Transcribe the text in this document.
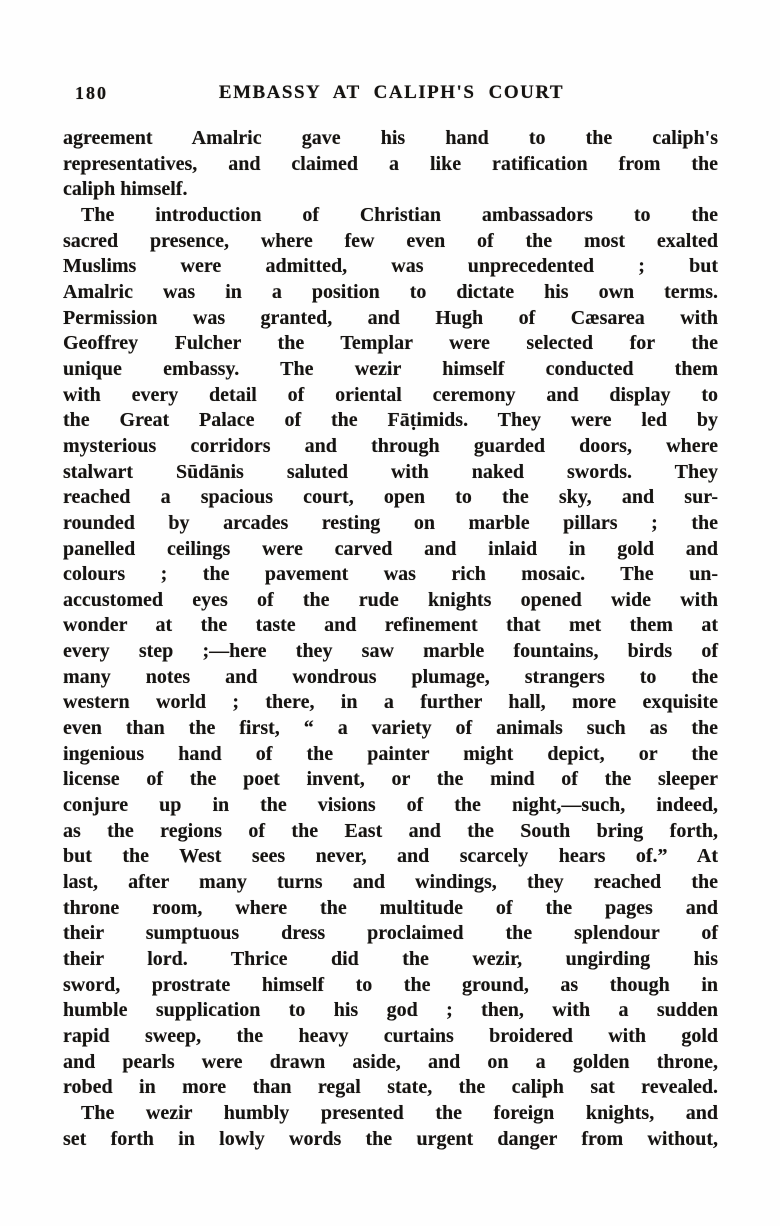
180	EMBASSY AT CALIPH'S COURT
agreement Amalric gave his hand to the caliph's
representatives, and claimed a like ratification from the
caliph himself.
The introduction of Christian ambassadors to the
sacred presence, where few even of the most exalted
Muslims were admitted, was unprecedented ; but
Amalric was in a position to dictate his own terms.
Permission was granted, and Hugh of Cæsarea with
Geoffrey Fulcher the Templar were selected for the
unique embassy. The wezir himself conducted them
with every detail of oriental ceremony and display to
the Great Palace of the Fāṭimids. They were led by
mysterious corridors and through guarded doors, where
stalwart Sūdānis saluted with naked swords. They
reached a spacious court, open to the sky, and sur-
rounded by arcades resting on marble pillars ; the
panelled ceilings were carved and inlaid in gold and
colours ; the pavement was rich mosaic. The un-
accustomed eyes of the rude knights opened wide with
wonder at the taste and refinement that met them at
every step ;—here they saw marble fountains, birds of
many notes and wondrous plumage, strangers to the
western world ; there, in a further hall, more exquisite
even than the first, “ a variety of animals such as the
ingenious hand of the painter might depict, or the
license of the poet invent, or the mind of the sleeper
conjure up in the visions of the night,—such, indeed,
as the regions of the East and the South bring forth,
but the West sees never, and scarcely hears of.” At
last, after many turns and windings, they reached the
throne room, where the multitude of the pages and
their sumptuous dress proclaimed the splendour of
their lord. Thrice did the wezir, ungirding his
sword, prostrate himself to the ground, as though in
humble supplication to his god ; then, with a sudden
rapid sweep, the heavy curtains broidered with gold
and pearls were drawn aside, and on a golden throne,
robed in more than regal state, the caliph sat revealed.
The wezir humbly presented the foreign knights, and
set forth in lowly words the urgent danger from without,
